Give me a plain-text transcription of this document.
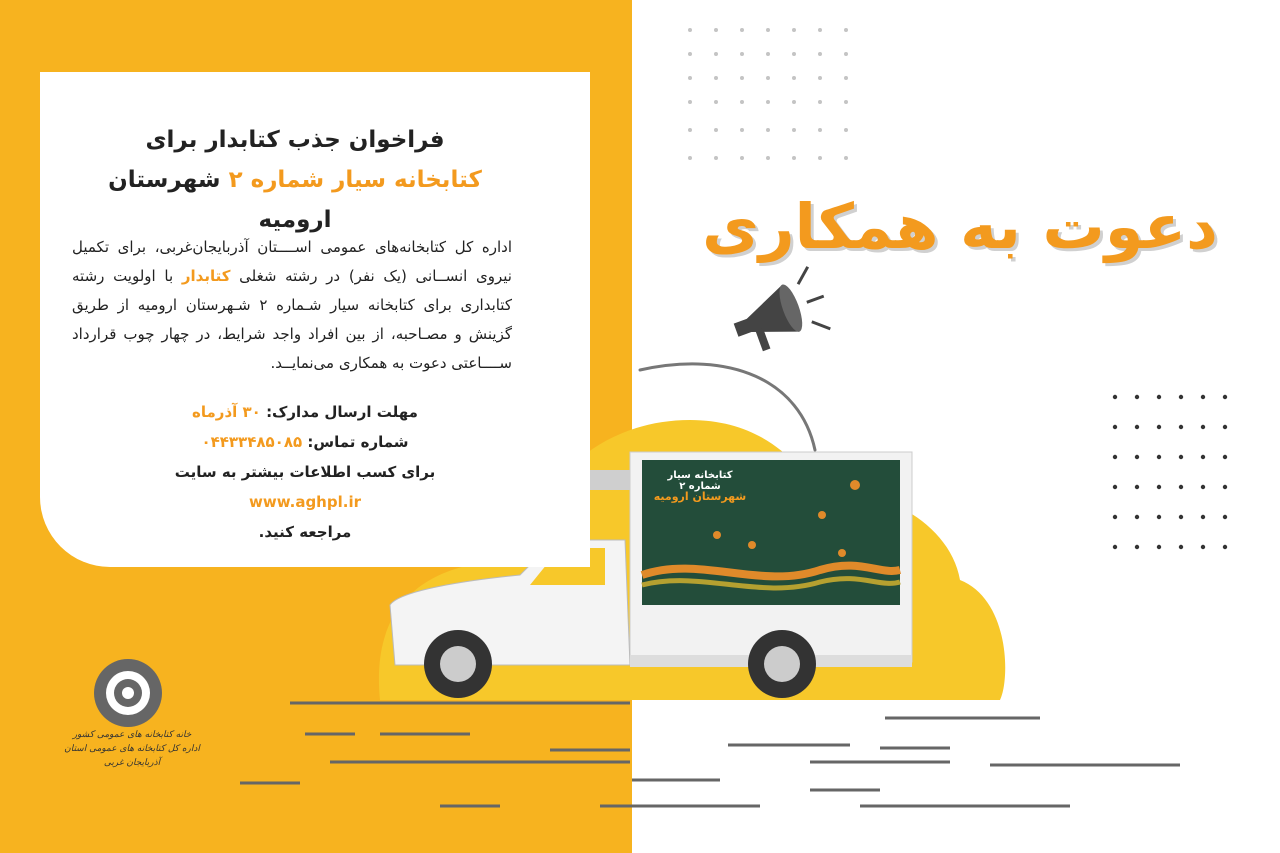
فراخوان جذب کتابدار برای
کتابخانه سیار شماره ۲ شهرستان ارومیه
اداره کل کتابخانه‌های عمومی اســــتان آذربایجان‌غربی، برای تکمیل نیروی انســانی (یک نفر) در رشته شغلی کتابدار با اولویت رشته کتابداری برای کتابخانه سیار شـماره ۲ شـهرستان ارومیه از طریق گزینش و مصـاحبه، از بین افراد واجد شرایط، در چهار چوب قرارداد ســــاعتی دعوت به همکاری می‌نمایــد.
مهلت ارسال مدارک: ۳۰ آذرماه
شماره تماس: ۰۴۴۳۳۴۸۵۰۸۵
برای کسب اطلاعات بیشتر به سایت
www.aghpl.ir
مراجعه کنید.
دعوت به همکاری
کتابخانه سیار شماره ۲
شهرستان ارومیه
خانه کتابخانه های عمومی کشور
اداره کل کتابخانه های عمومی استان آذربایجان غربی
